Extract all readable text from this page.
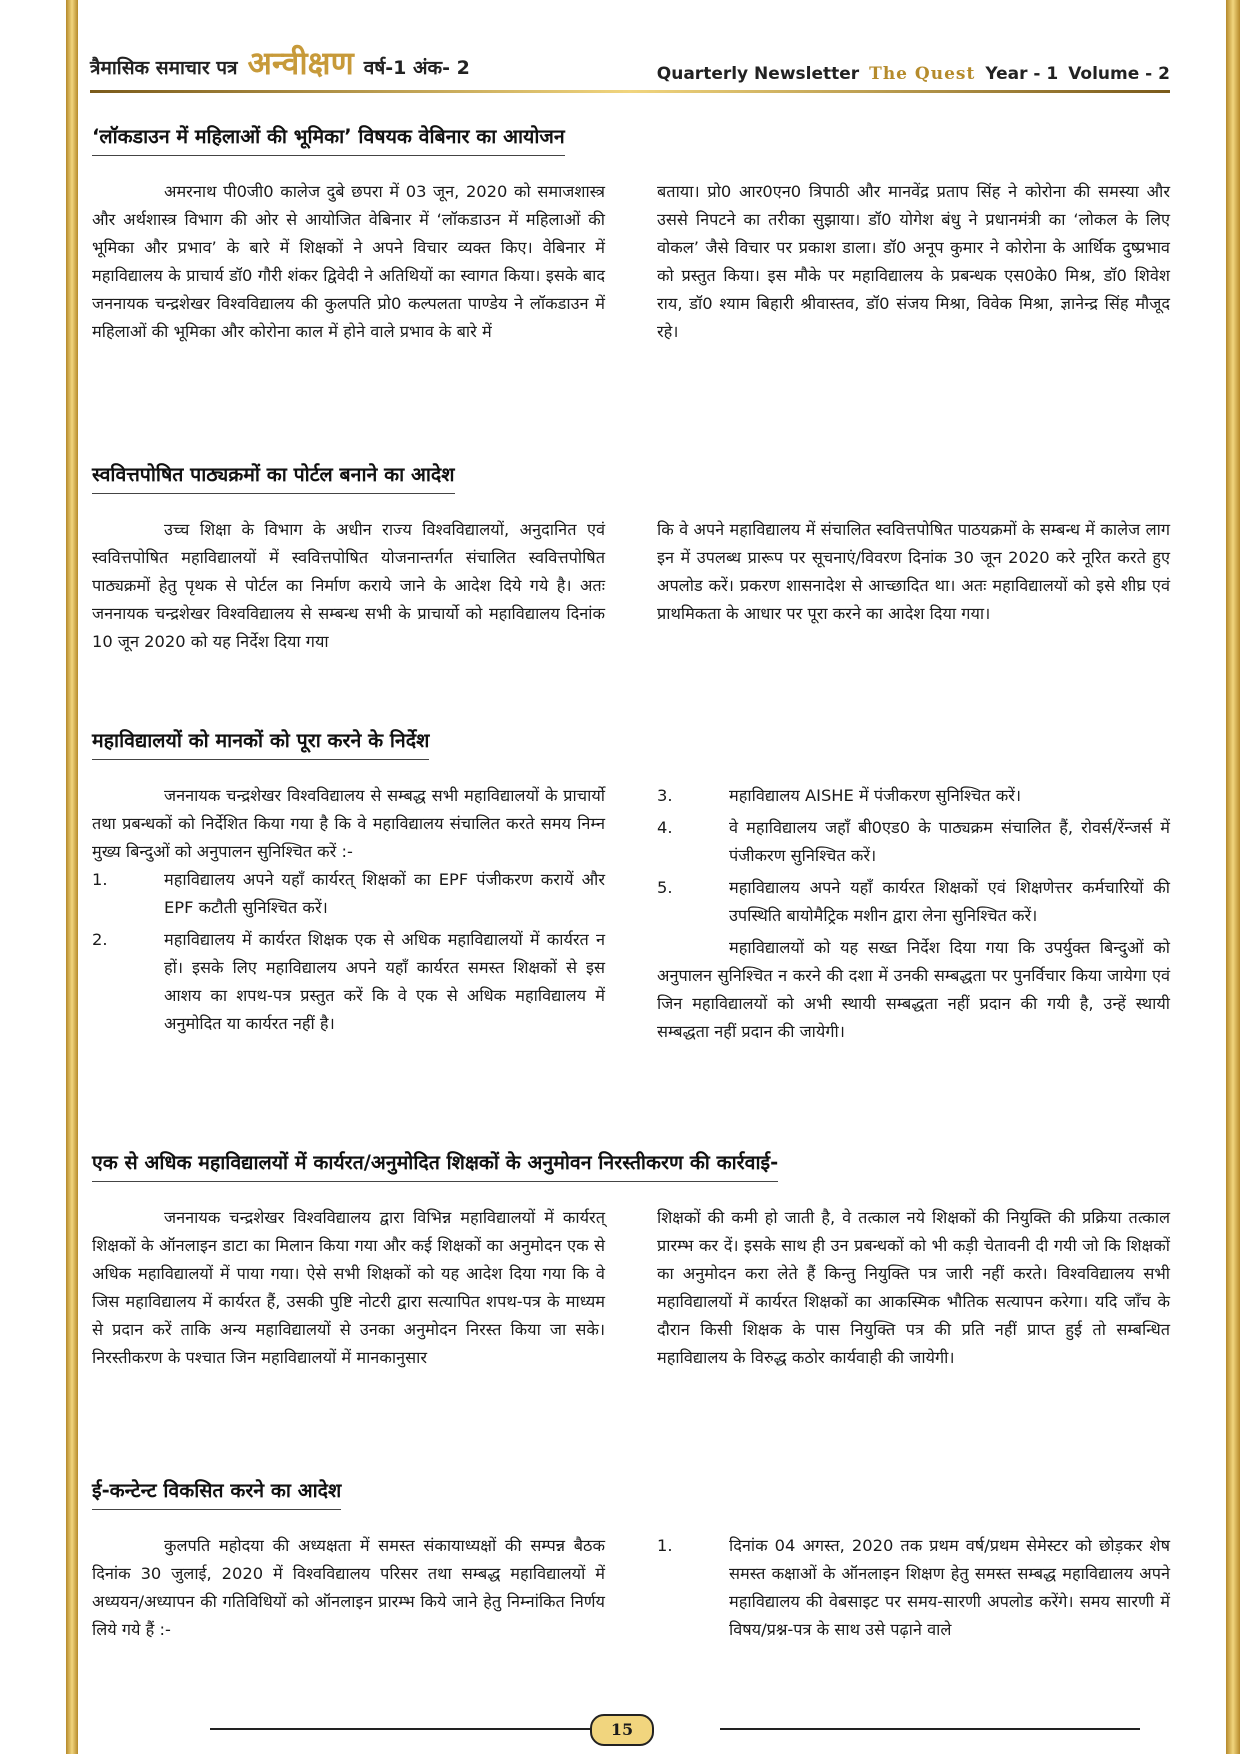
त्रैमासिक समाचार पत्र अन्वीक्षण वर्ष-1 अंक- 2	Quarterly Newsletter The Quest Year - 1 Volume - 2
‘लॉकडाउन में महिलाओं की भूमिका’ विषयक वेबिनार का आयोजन

अमरनाथ पी0जी0 कालेज दुबे छपरा में 03 जून, 2020 को समाजशास्त्र और अर्थशास्त्र विभाग की ओर से आयोजित वेबिनार में ‘लॉकडाउन में महिलाओं की भूमिका और प्रभाव’ के बारे में शिक्षकों ने अपने विचार व्यक्त किए। वेबिनार में महाविद्यालय के प्राचार्य डॉ0 गौरी शंकर द्विवेदी ने अतिथियों का स्वागत किया। इसके बाद जननायक चन्द्रशेखर विश्वविद्यालय की कुलपति प्रो0 कल्पलता पाण्डेय ने लॉकडाउन में महिलाओं की भूमिका और कोरोना काल में होने वाले प्रभाव के बारे में

बताया। प्रो0 आर0एन0 त्रिपाठी और मानवेंद्र प्रताप सिंह ने कोरोना की समस्या और उससे निपटने का तरीका सुझाया। डॉ0 योगेश बंधु ने प्रधानमंत्री का ‘लोकल के लिए वोकल’ जैसे विचार पर प्रकाश डाला। डॉ0 अनूप कुमार ने कोरोना के आर्थिक दुष्प्रभाव को प्रस्तुत किया। इस मौके पर महाविद्यालय के प्रबन्धक एस0के0 मिश्र, डॉ0 शिवेश राय, डॉ0 श्याम बिहारी श्रीवास्तव, डॉ0 संजय मिश्रा, विवेक मिश्रा, ज्ञानेन्द्र सिंह मौजूद रहे।

स्ववित्तपोषित पाठ्यक्रमों का पोर्टल बनाने का आदेश

उच्च शिक्षा के विभाग के अधीन राज्य विश्वविद्यालयों, अनुदानित एवं स्ववित्तपोषित महाविद्यालयों में स्ववित्तपोषित योजनान्तर्गत संचालित स्ववित्तपोषित पाठ्यक्रमों हेतु पृथक से पोर्टल का निर्माण कराये जाने के आदेश दिये गये है। अतः जननायक चन्द्रशेखर विश्वविद्यालय से सम्बन्ध सभी के प्राचार्यो को महाविद्यालय दिनांक 10 जून 2020 को यह निर्देश दिया गया

कि वे अपने महाविद्यालय में संचालित स्ववित्तपोषित पाठयक्रमों के सम्बन्ध में कालेज लाग इन में उपलब्ध प्रारूप पर सूचनाएं/विवरण दिनांक 30 जून 2020 करे नूरित करते हुए अपलोड करें। प्रकरण शासनादेश से आच्छादित था। अतः महाविद्यालयों को इसे शीघ्र एवं प्राथमिकता के आधार पर पूरा करने का आदेश दिया गया।

महाविद्यालयों को मानकों को पूरा करने के निर्देश

जननायक चन्द्रशेखर विश्वविद्यालय से सम्बद्ध सभी महाविद्यालयों के प्राचार्यो तथा प्रबन्धकों को निर्देशित किया गया है कि वे महाविद्यालय संचालित करते समय निम्न मुख्य बिन्दुओं को अनुपालन सुनिश्चित करें :-

1.	महाविद्यालय अपने यहाँ कार्यरत् शिक्षकों का EPF पंजीकरण करायें और EPF कटौती सुनिश्चित करें।
2.	महाविद्यालय में कार्यरत शिक्षक एक से अधिक महाविद्यालयों में कार्यरत न हों। इसके लिए महाविद्यालय अपने यहाँ कार्यरत समस्त शिक्षकों से इस आशय का शपथ-पत्र प्रस्तुत करें कि वे एक से अधिक महाविद्यालय में अनुमोदित या कार्यरत नहीं है।
3.	महाविद्यालय AISHE में पंजीकरण सुनिश्चित करें।
4.	वे महाविद्यालय जहाँ बी0एड0 के पाठ्यक्रम संचालित हैं, रोवर्स/रेंन्जर्स में पंजीकरण सुनिश्चित करें।
5.	महाविद्यालय अपने यहाँ कार्यरत शिक्षकों एवं शिक्षणेत्तर कर्मचारियों की उपस्थिति बायोमैट्रिक मशीन द्वारा लेना सुनिश्चित करें।

महाविद्यालयों को यह सख्त निर्देश दिया गया कि उपर्युक्त बिन्दुओं को अनुपालन सुनिश्चित न करने की दशा में उनकी सम्बद्धता पर पुनर्विचार किया जायेगा एवं जिन महाविद्यालयों को अभी स्थायी सम्बद्धता नहीं प्रदान की गयी है, उन्हें स्थायी सम्बद्धता नहीं प्रदान की जायेगी।

एक से अधिक महाविद्यालयों में कार्यरत/अनुमोदित शिक्षकों के अनुमोवन निरस्तीकरण की कार्रवाई-

जननायक चन्द्रशेखर विश्वविद्यालय द्वारा विभिन्न महाविद्यालयों में कार्यरत् शिक्षकों के ऑनलाइन डाटा का मिलान किया गया और कई शिक्षकों का अनुमोदन एक से अधिक महाविद्यालयों में पाया गया। ऐसे सभी शिक्षकों को यह आदेश दिया गया कि वे जिस महाविद्यालय में कार्यरत हैं, उसकी पुष्टि नोटरी द्वारा सत्यापित शपथ-पत्र के माध्यम से प्रदान करें ताकि अन्य महाविद्यालयों से उनका अनुमोदन निरस्त किया जा सके। निरस्तीकरण के पश्चात जिन महाविद्यालयों में मानकानुसार

शिक्षकों की कमी हो जाती है, वे तत्काल नये शिक्षकों की नियुक्ति की प्रक्रिया तत्काल प्रारम्भ कर दें। इसके साथ ही उन प्रबन्धकों को भी कड़ी चेतावनी दी गयी जो कि शिक्षकों का अनुमोदन करा लेते हैं किन्तु नियुक्ति पत्र जारी नहीं करते। विश्वविद्यालय सभी महाविद्यालयों में कार्यरत शिक्षकों का आकस्मिक भौतिक सत्यापन करेगा। यदि जाँच के दौरान किसी शिक्षक के पास नियुक्ति पत्र की प्रति नहीं प्राप्त हुई तो सम्बन्धित महाविद्यालय के विरुद्ध कठोर कार्यवाही की जायेगी।

ई-कन्टेन्ट विकसित करने का आदेश

कुलपति महोदया की अध्यक्षता में समस्त संकायाध्यक्षों की सम्पन्न बैठक दिनांक 30 जुलाई, 2020 में विश्वविद्यालय परिसर तथा सम्बद्ध महाविद्यालयों में अध्ययन/अध्यापन की गतिविधियों को ऑनलाइन प्रारम्भ किये जाने हेतु निम्नांकित निर्णय लिये गये हैं :-

1.	दिनांक 04 अगस्त, 2020 तक प्रथम वर्ष/प्रथम सेमेस्टर को छोड़कर शेष समस्त कक्षाओं के ऑनलाइन शिक्षण हेतु समस्त सम्बद्ध महाविद्यालय अपने महाविद्यालय की वेबसाइट पर समय-सारणी अपलोड करेंगे। समय सारणी में विषय/प्रश्न-पत्र के साथ उसे पढ़ाने वाले
15
